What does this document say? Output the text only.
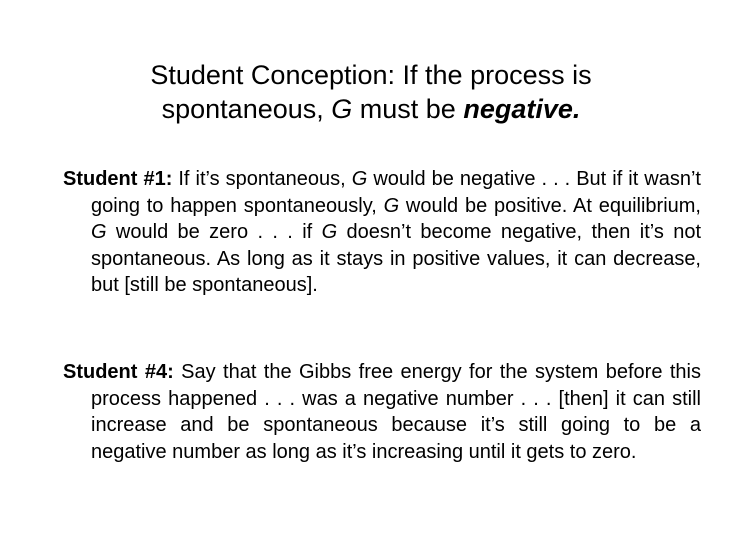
Student Conception: If the process is
spontaneous, G must be negative.

Student #1: If it’s spontaneous, G would be negative . . . But if it wasn’t going to happen spontaneously, G would be positive. At equilibrium, G would be zero . . . if G doesn’t become negative, then it’s not spontaneous. As long as it stays in positive values, it can decrease, but [still be spontaneous].

Student #4: Say that the Gibbs free energy for the system before this process happened . . . was a negative number . . . [then] it can still increase and be spontaneous because it’s still going to be a negative number as long as it’s increasing until it gets to zero.
